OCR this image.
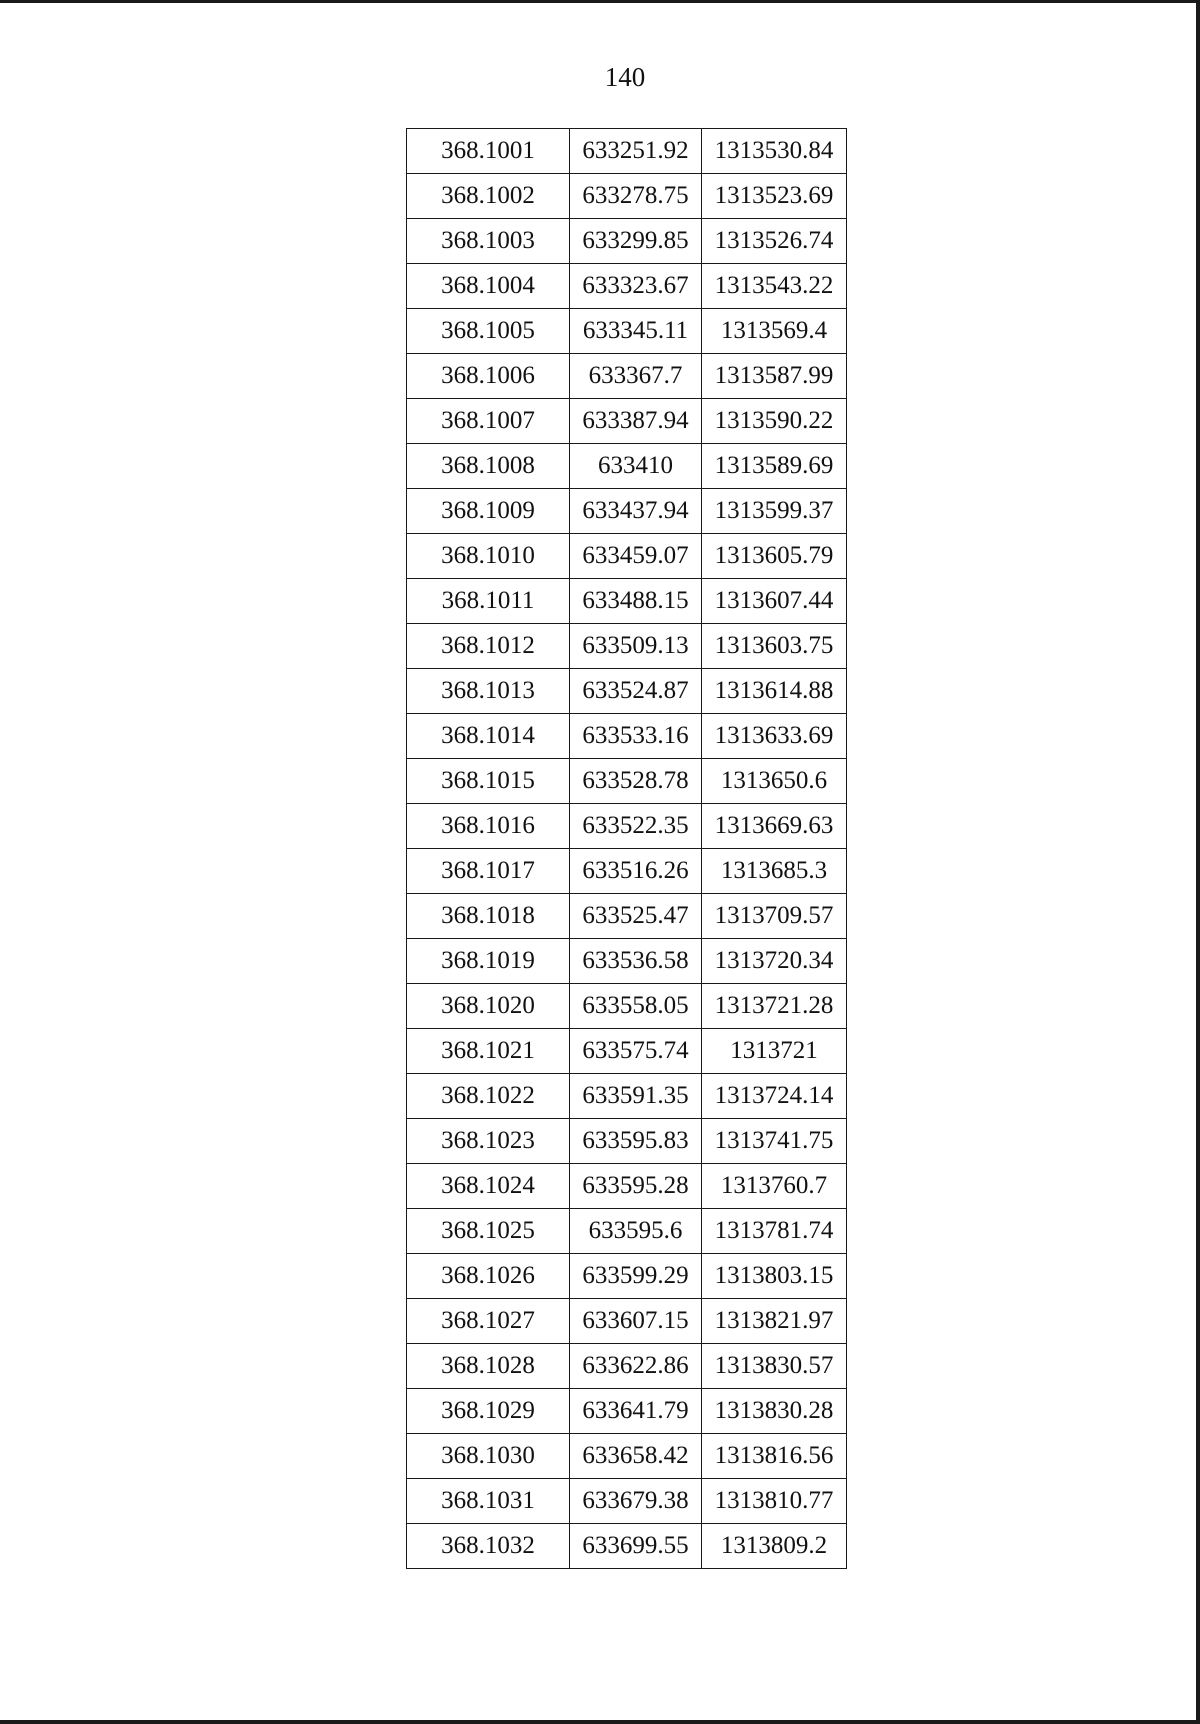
140
368.1001	633251.92	1313530.84
368.1002	633278.75	1313523.69
368.1003	633299.85	1313526.74
368.1004	633323.67	1313543.22
368.1005	633345.11	1313569.4
368.1006	633367.7	1313587.99
368.1007	633387.94	1313590.22
368.1008	633410	1313589.69
368.1009	633437.94	1313599.37
368.1010	633459.07	1313605.79
368.1011	633488.15	1313607.44
368.1012	633509.13	1313603.75
368.1013	633524.87	1313614.88
368.1014	633533.16	1313633.69
368.1015	633528.78	1313650.6
368.1016	633522.35	1313669.63
368.1017	633516.26	1313685.3
368.1018	633525.47	1313709.57
368.1019	633536.58	1313720.34
368.1020	633558.05	1313721.28
368.1021	633575.74	1313721
368.1022	633591.35	1313724.14
368.1023	633595.83	1313741.75
368.1024	633595.28	1313760.7
368.1025	633595.6	1313781.74
368.1026	633599.29	1313803.15
368.1027	633607.15	1313821.97
368.1028	633622.86	1313830.57
368.1029	633641.79	1313830.28
368.1030	633658.42	1313816.56
368.1031	633679.38	1313810.77
368.1032	633699.55	1313809.2
